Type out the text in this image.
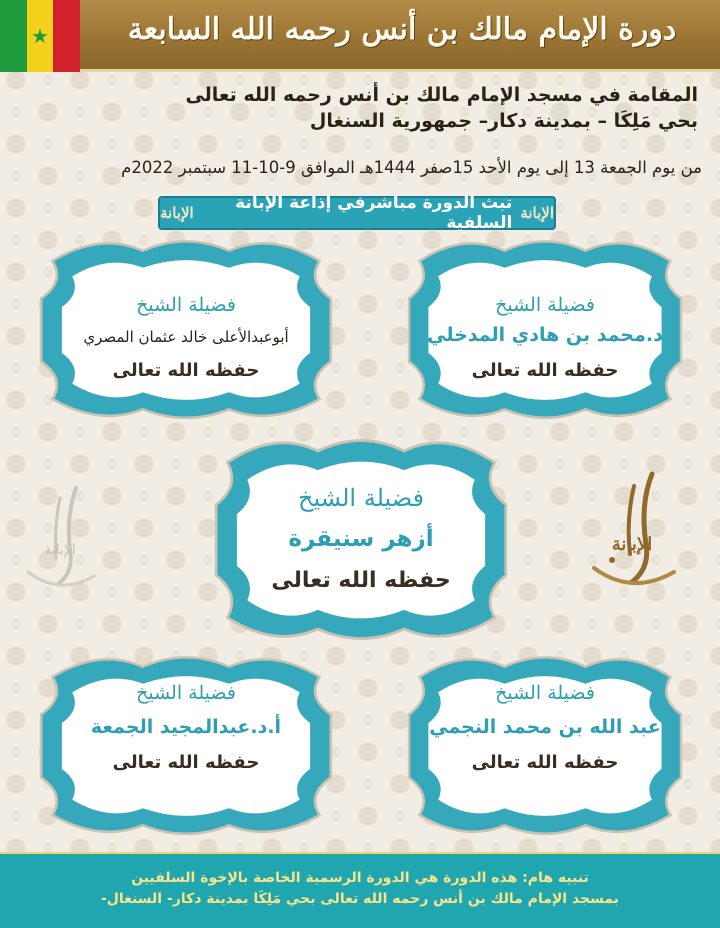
★	دورة الإمام مالك بن أنس رحمه الله السابعة
المقامة في مسجد الإمام مالك بن أنس رحمه الله تعالى
بحي مَلِكَا – بمدينة دكار– جمهورية السنغال
من يوم الجمعة 13 إلى يوم الأحد 15صفر 1444هـ الموافق 9-10-11 سبتمبر 2022م
الإبانة
تبث الدورة مباشرفي إذاعة الإبانة السلفية
الإبانة
فضيلة الشيخ
د.محمد بن هادي المدخلي
حفظه الله تعالى
فضيلة الشيخ
أبوعبدالأعلى خالد عثمان المصري
حفظه الله تعالى
فضيلة الشيخ
أزهر سنيقرة
حفظه الله تعالى
فضيلة الشيخ
عبد الله بن محمد النجمي
حفظه الله تعالى
فضيلة الشيخ
أ.د.عبدالمجيد الجمعة
حفظه الله تعالى
الإبانة
الإبانة
تنبيه هام: هذه الدورة هي الدورة الرسمية الخاصة بالإخوة السلفيين
بمسجد الإمام مالك بن أنس رحمه الله تعالى بحي مَلِكَا بمدينة دكار- السنغال-
